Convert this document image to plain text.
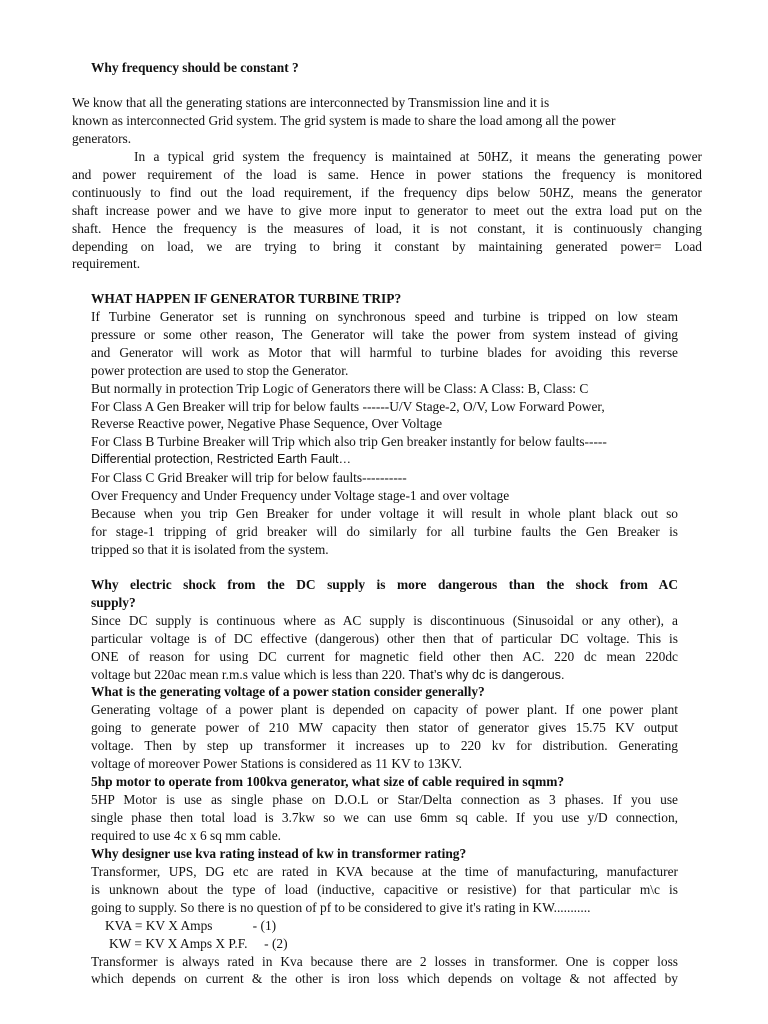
Why frequency should be constant ?
We know that all the generating stations are interconnected by Transmission line and it is
known as interconnected Grid system. The grid system is made to share the load among all the power
generators.
In a typical grid system the frequency is maintained at 50HZ, it means the generating power
and power requirement of the load is same. Hence in power stations the frequency is monitored
continuously to find out the load requirement, if the frequency dips below 50HZ, means the generator
shaft increase power and we have to give more input to generator to meet out the extra load put on the
shaft. Hence the frequency is the measures of load, it is not constant, it is continuously changing
depending on load, we are trying to bring it constant by maintaining generated power= Load
requirement.
WHAT HAPPEN IF GENERATOR TURBINE TRIP?
If Turbine Generator set is running on synchronous speed and turbine is tripped on low steam
pressure or some other reason, The Generator will take the power from system instead of giving
and Generator will work as Motor that will harmful to turbine blades for avoiding this reverse
power protection are used to stop the Generator.
But normally in protection Trip Logic of Generators there will be Class: A Class: B, Class: C
For Class A Gen Breaker will trip for below faults ------U/V Stage-2, O/V, Low Forward Power,
Reverse Reactive power, Negative Phase Sequence, Over Voltage
For Class B Turbine Breaker will Trip which also trip Gen breaker instantly for below faults-----
Differential protection, Restricted Earth Fault…
For Class C Grid Breaker will trip for below faults----------
Over Frequency and Under Frequency under Voltage stage-1 and over voltage
Because when you trip Gen Breaker for under voltage it will result in whole plant black out so
for stage-1 tripping of grid breaker will do similarly for all turbine faults the Gen Breaker is
tripped so that it is isolated from the system.
Why electric shock from the DC supply is more dangerous than the shock from AC
supply?
Since DC supply is continuous where as AC supply is discontinuous (Sinusoidal or any other), a
particular voltage is of DC effective (dangerous) other then that of particular DC voltage. This is
ONE of reason for using DC current for magnetic field other then AC. 220 dc mean 220dc
voltage but 220ac mean r.m.s value which is less than 220. That’s why dc is dangerous.
What is the generating voltage of a power station consider generally?
Generating voltage of a power plant is depended on capacity of power plant. If one power plant
going to generate power of 210 MW capacity then stator of generator gives 15.75 KV output
voltage. Then by step up transformer it increases up to 220 kv for distribution. Generating
voltage of moreover Power Stations is considered as 11 KV to 13KV.
5hp motor to operate from 100kva generator, what size of cable required in sqmm?
5HP Motor is use as single phase on D.O.L or Star/Delta connection as 3 phases. If you use
single phase then total load is 3.7kw so we can use 6mm sq cable. If you use y/D connection,
required to use 4c x 6 sq mm cable.
Why designer use kva rating instead of kw in transformer rating?
Transformer, UPS, DG etc are rated in KVA because at the time of manufacturing, manufacturer
is unknown about the type of load (inductive, capacitive or resistive) for that particular m\c is
going to supply. So there is no question of pf to be considered to give it's rating in KW...........
KVA = KV X Amps            - (1)
KW = KV X Amps X P.F.     - (2)
Transformer is always rated in Kva because there are 2 losses in transformer. One is copper loss
which depends on current & the other is iron loss which depends on voltage & not affected by
